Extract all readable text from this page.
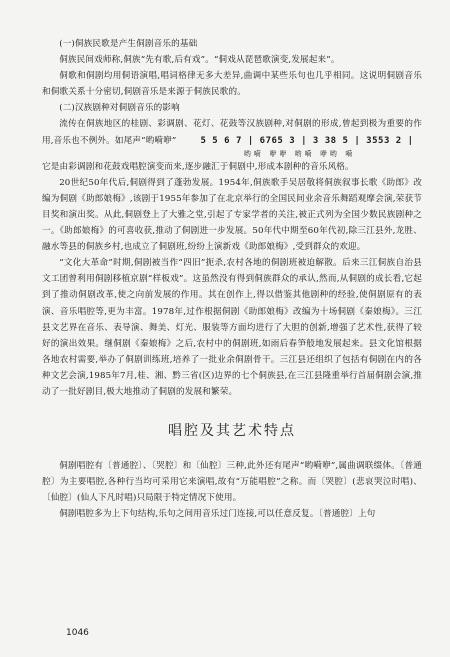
(一)侗族民歌是产生侗剧音乐的基础

侗族民间戏师称,侗族“先有歌,后有戏”。“侗戏从琵琶歌演变,发展起来”。

侗歌和侗剧均用侗语演唱,唱词格律无多大差异,曲调中某些乐句也几乎相同。这说明侗剧音乐和侗歌关系十分密切,侗剧音乐是来源于侗族民歌的。

(二)汉族剧种对侗剧音乐的影响

流传在侗族地区的桂剧、彩调剧、花灯、花鼓等汉族剧种,对侗剧的形成,曾起到极为重要的作用,音乐也不例外。如尾声“哟嗬咿”	5 5 6 7 | 6765 3 | 3 38 5 | 3553 2 |

哟嗬 咿咿 哟嗬 咿哟 嗬

它是由彩调剧和花鼓戏唱腔演变而来,逐步融汇于侗剧中,形成本剧种的音乐风格。

20世纪50年代后,侗剧得到了蓬勃发展。1954年,侗族歌手吴居敬将侗族叙事长歌《助郎》改编为侗剧《助郎娘梅》,该剧于1955年参加了在北京举行的全国民间业余音乐舞蹈观摩会演,荣获节目奖和演出奖。从此,侗剧登上了大雅之堂,引起了专家学者的关注,被正式列为全国少数民族剧种之一。《助郎娘梅》的可喜收获,推动了侗剧进一步发展。50年代中期至60年代初,除三江县外,龙胜、融水等县的侗族乡村,也成立了侗剧班,纷纷上演新戏《助郎娘梅》,受到群众的欢迎。

“文化大革命”时期,侗剧被当作“四旧”扼杀,农村各地的侗剧班被迫解散。后来三江侗族自治县文工团曾利用侗剧移植京剧“样板戏”。这虽然没有得到侗族群众的承认,然而,从侗剧的成长看,它起到了推动侗剧改革,使之向前发展的作用。其在创作上,得以借鉴其他剧种的经验,使侗剧原有的表演、音乐唱腔等,更为丰富。1978年,过作根据侗剧《助郎娘梅》改编为十场侗剧《秦娘梅》。三江县文艺界在音乐、表导演、舞美、灯光、服装等方面均进行了大胆的创新,增强了艺术性,获得了较好的演出效果。继侗剧《秦娘梅》之后,农村中的侗剧班,如雨后春笋般地发展起来。县文化馆根据各地农村需要,举办了侗剧训练班,培养了一批业余侗剧骨干。三江县还组织了包括有侗剧在内的各种文艺会演,1985年7月,桂、湘、黔三省(区)边界的七个侗族县,在三江县隆重举行首届侗剧会演,推动了一批好剧目,极大地推动了侗剧的发展和繁荣。

唱腔及其艺术特点

侗剧唱腔有〔普通腔〕、〔哭腔〕和〔仙腔〕三种,此外还有尾声“哟嗬咿”,属曲调联缀体。〔普通腔〕为主要唱腔,各种行当均可采用它来演唱,故有“万能唱腔”之称。而〔哭腔〕(悲哀哭泣时唱)、〔仙腔〕(仙人下凡时唱)只局限于特定情况下使用。

侗剧唱腔多为上下句结构,乐句之间用音乐过门连接,可以任意反复。〔普通腔〕上句

1046
